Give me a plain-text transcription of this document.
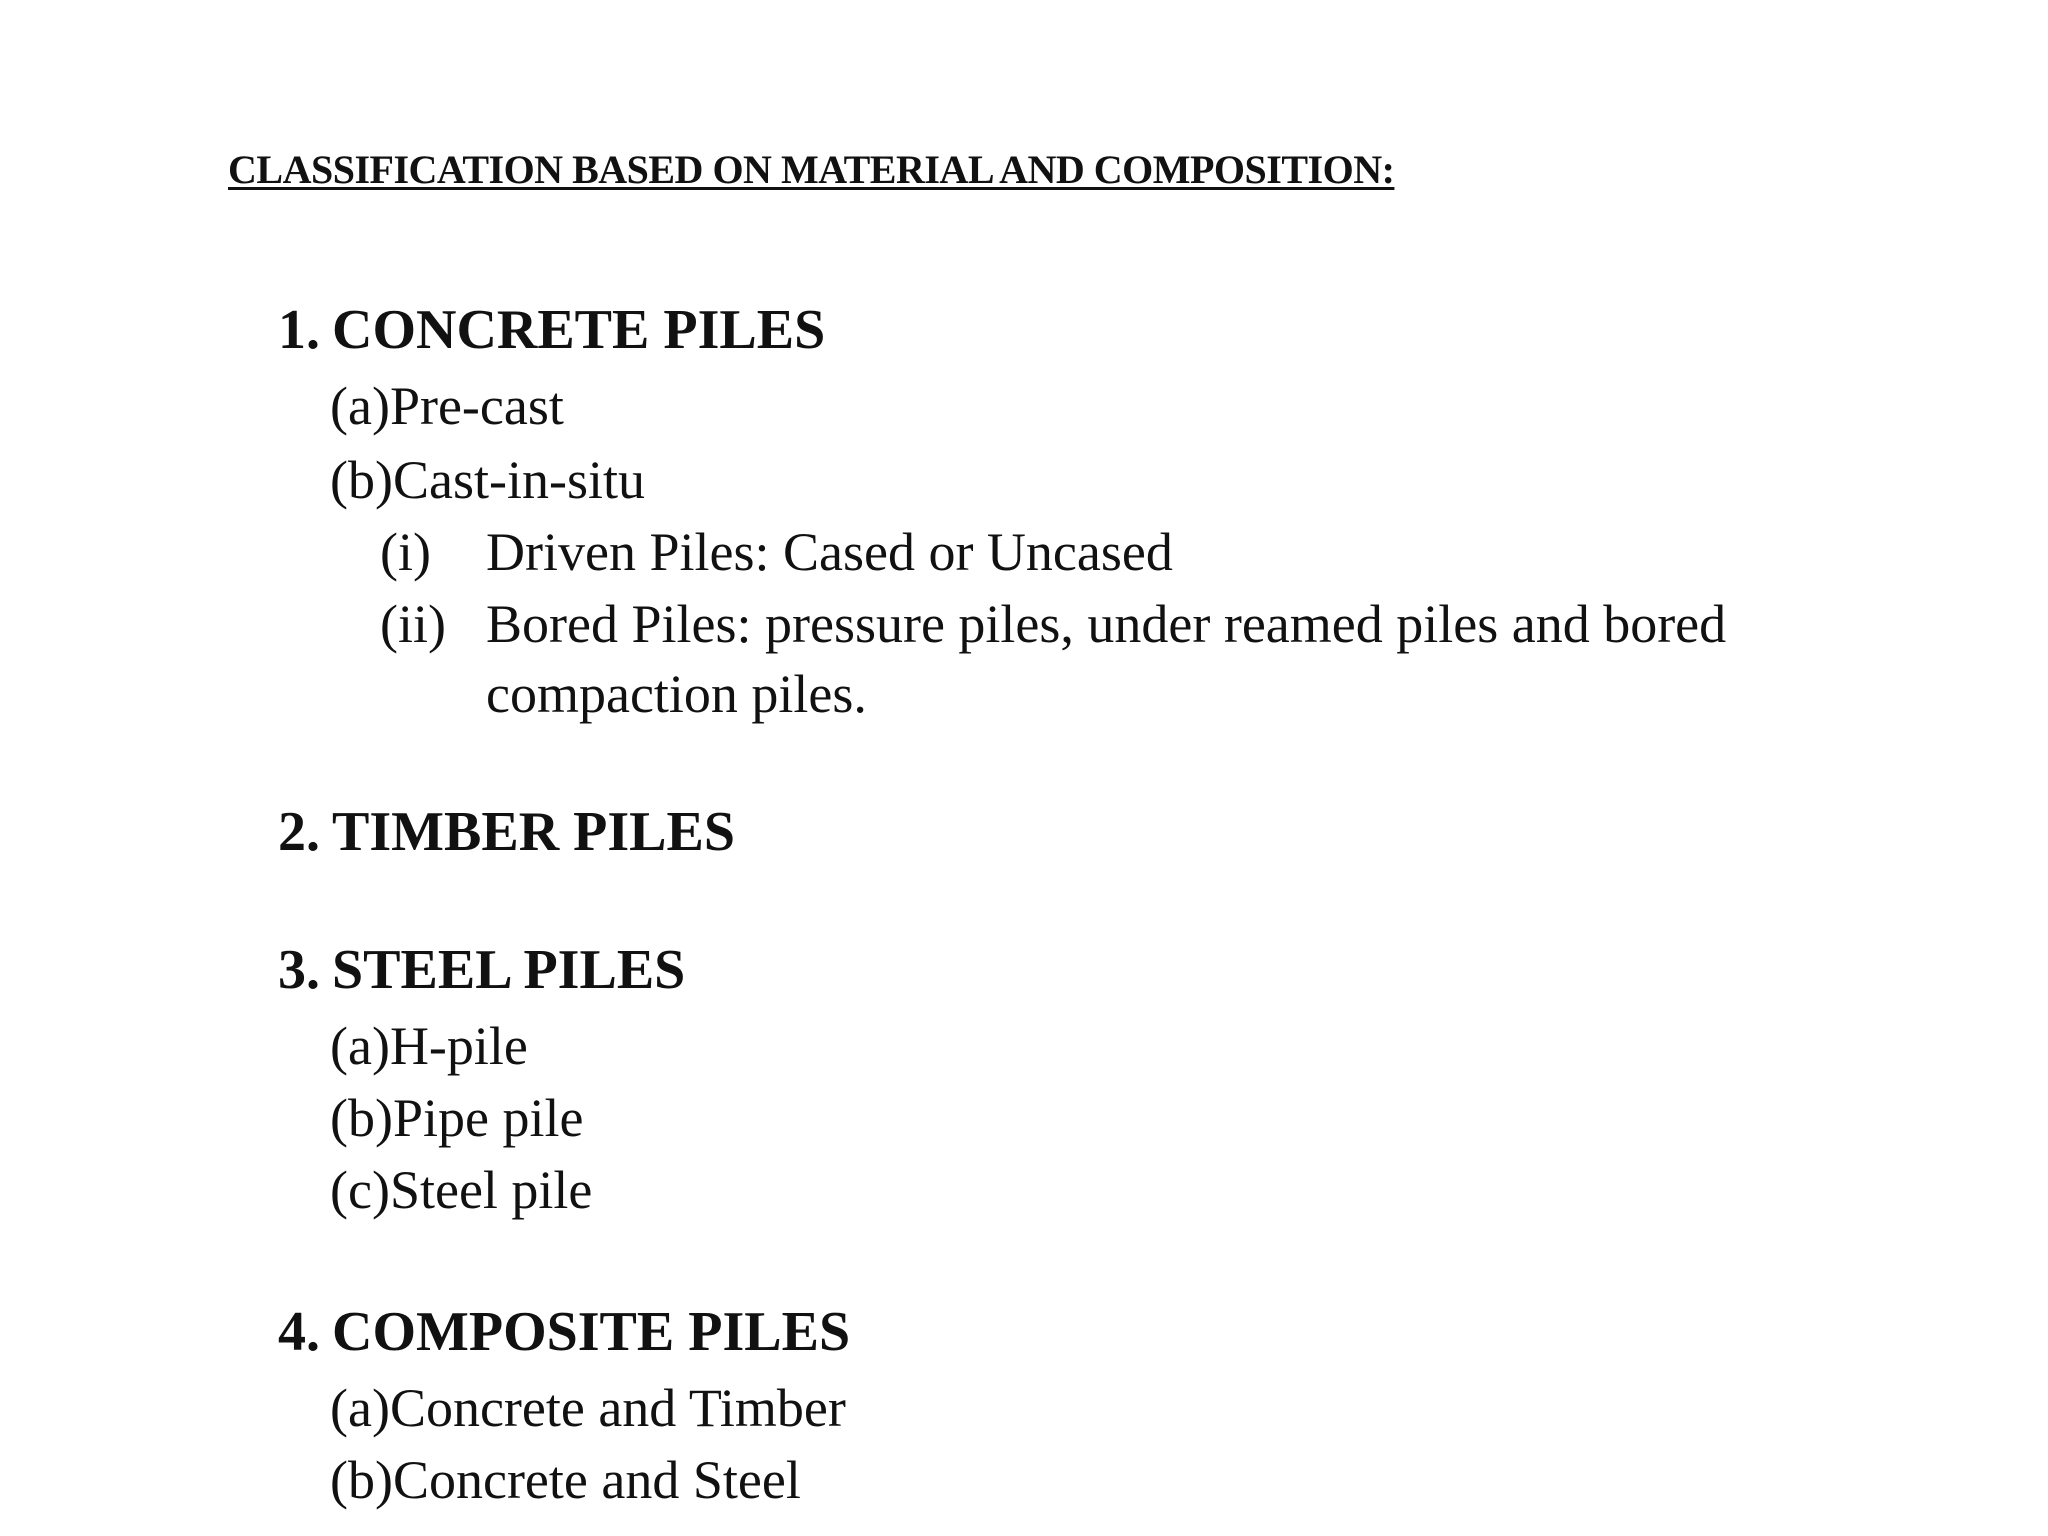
CLASSIFICATION BASED ON MATERIAL AND COMPOSITION:
1. CONCRETE PILES
(a)Pre-cast
(b)Cast-in-situ
(i) Driven Piles: Cased or Uncased
(ii) Bored Piles: pressure piles, under reamed piles and bored
compaction piles.
2. TIMBER PILES
3. STEEL PILES
(a)H-pile
(b)Pipe pile
(c)Steel pile
4. COMPOSITE PILES
(a)Concrete and Timber
(b)Concrete and Steel
